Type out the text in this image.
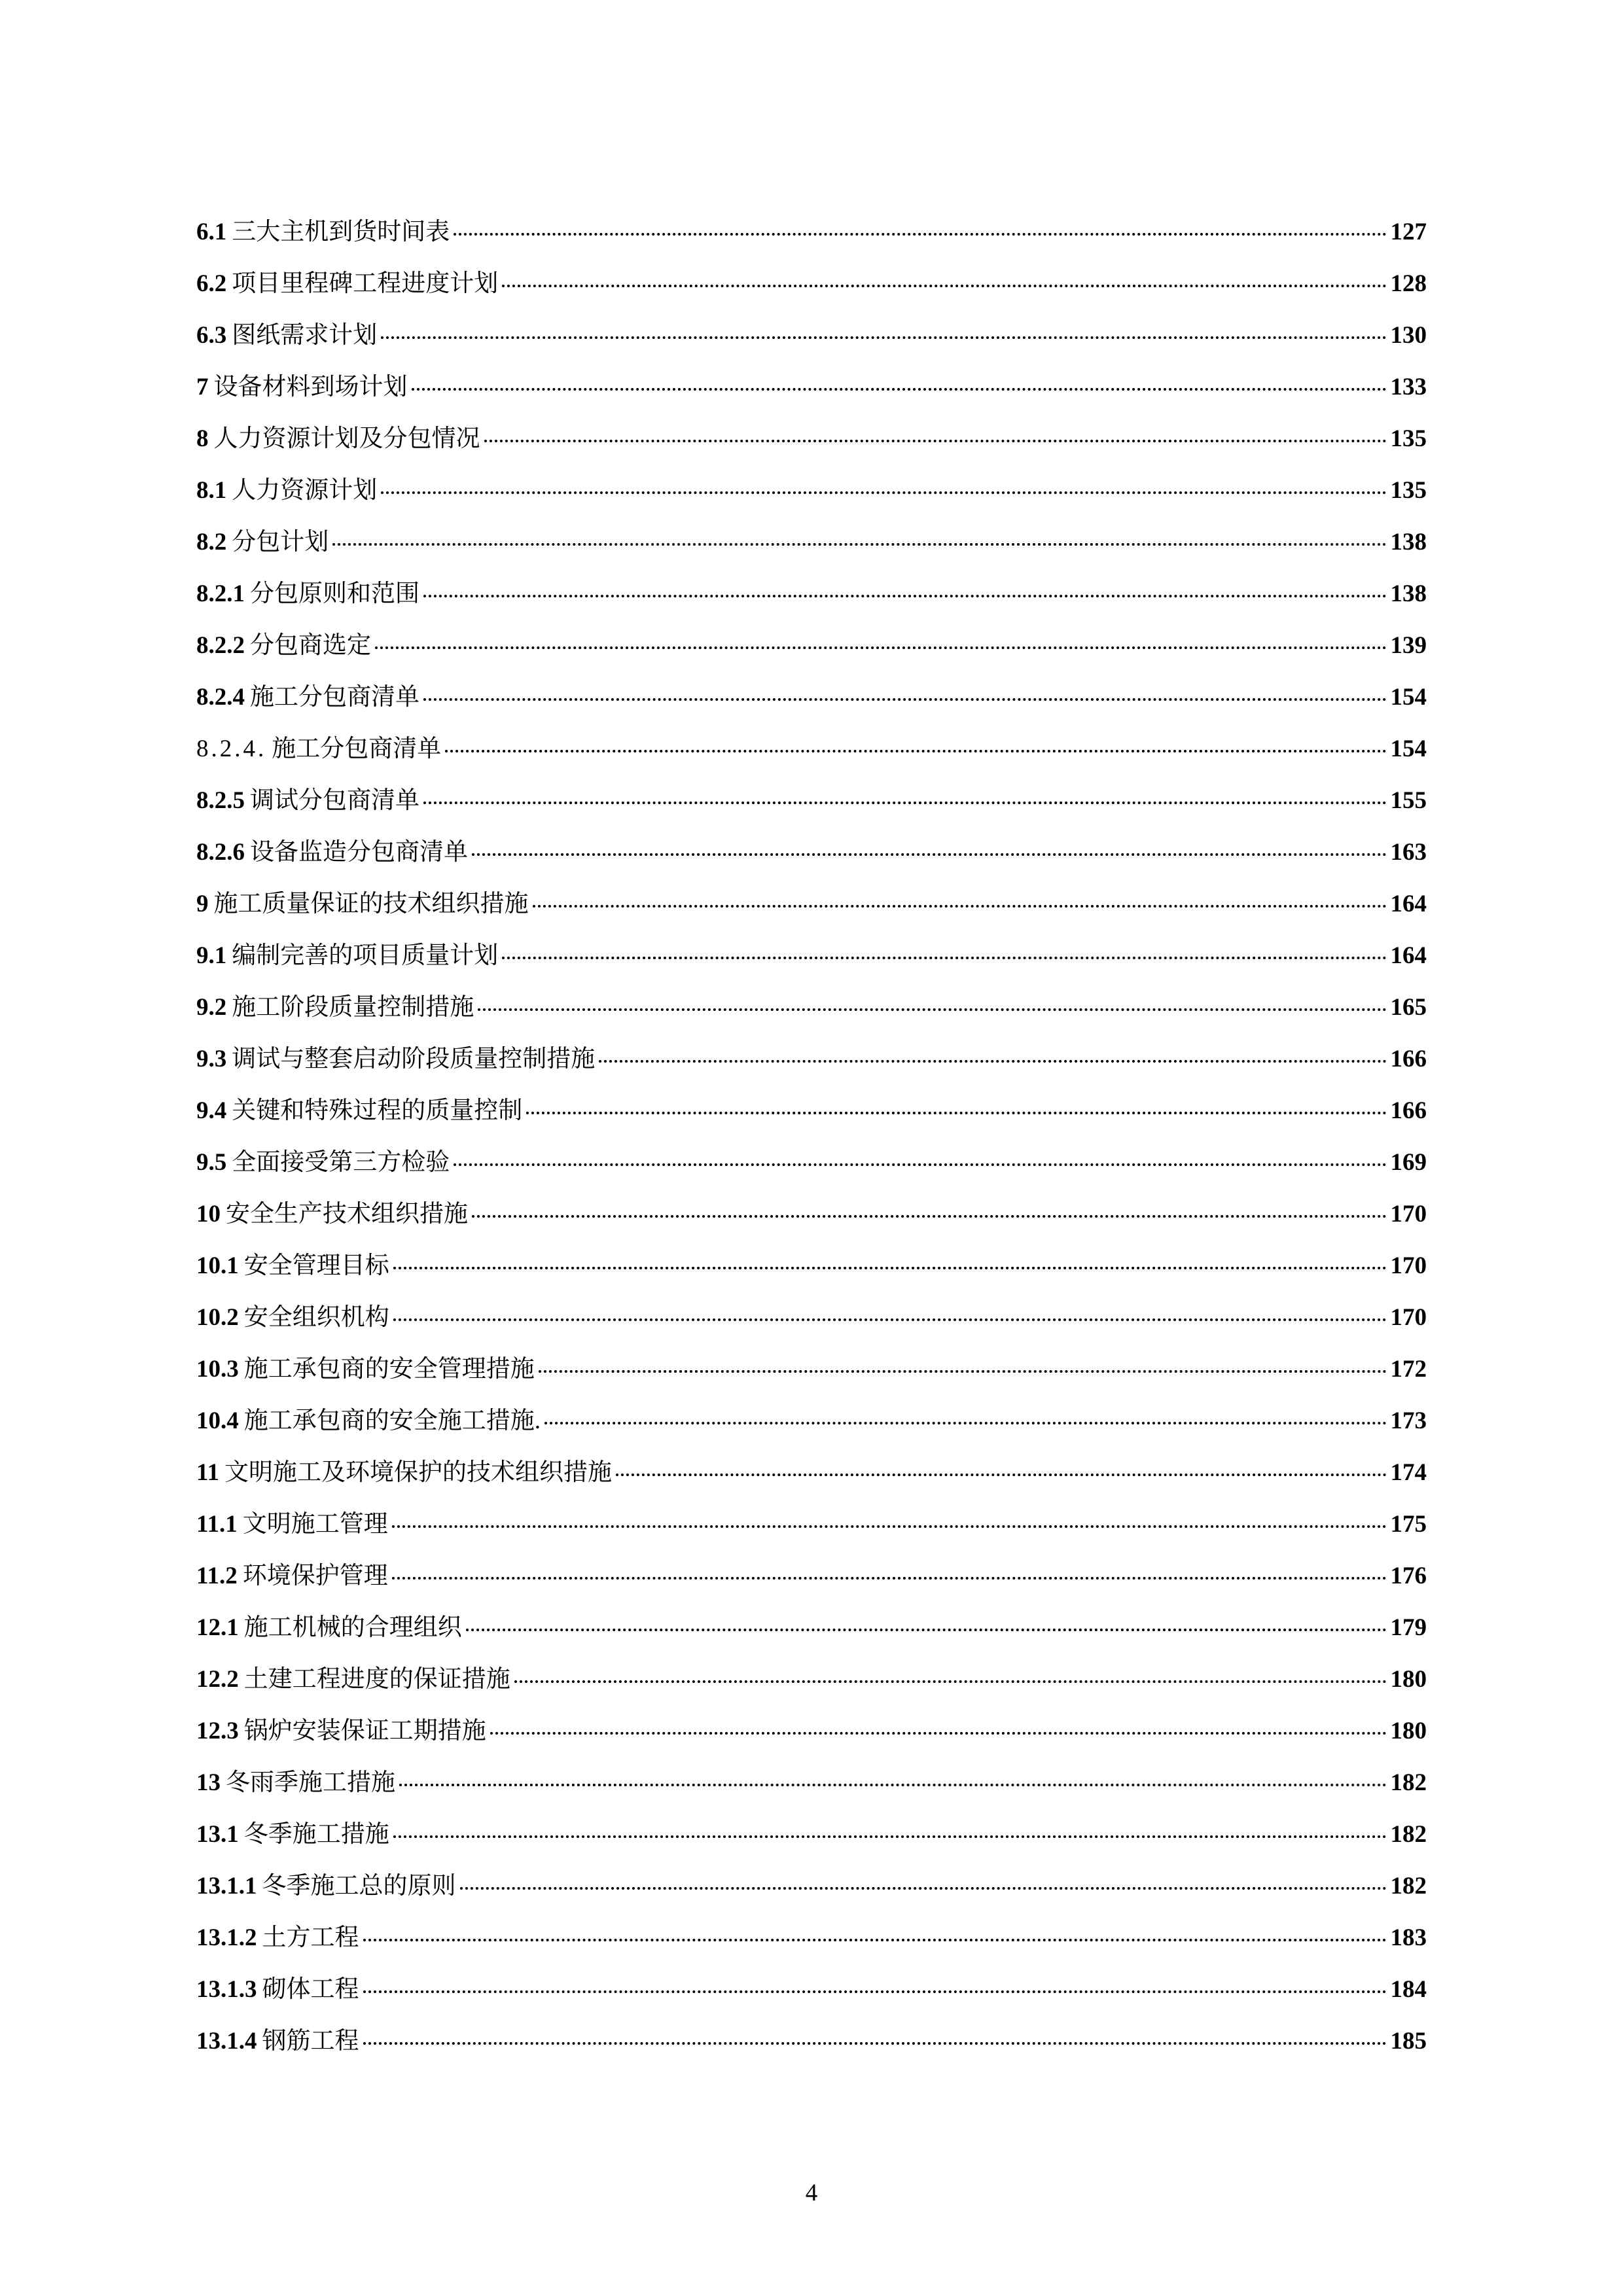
6.1 三大主机到货时间表	127
6.2 项目里程碑工程进度计划	128
6.3 图纸需求计划	130
7 设备材料到场计划	133
8 人力资源计划及分包情况	135
8.1 人力资源计划	135
8.2 分包计划	138
8.2.1 分包原则和范围	138
8.2.2 分包商选定	139
8.2.4 施工分包商清单	154
8.2.4. 施工分包商清单	154
8.2.5 调试分包商清单	155
8.2.6 设备监造分包商清单	163
9 施工质量保证的技术组织措施	164
9.1 编制完善的项目质量计划	164
9.2 施工阶段质量控制措施	165
9.3 调试与整套启动阶段质量控制措施	166
9.4 关键和特殊过程的质量控制	166
9.5 全面接受第三方检验	169
10 安全生产技术组织措施	170
10.1 安全管理目标	170
10.2 安全组织机构	170
10.3 施工承包商的安全管理措施	172
10.4 施工承包商的安全施工措施.	173
11 文明施工及环境保护的技术组织措施	174
11.1 文明施工管理	175
11.2 环境保护管理	176
12.1 施工机械的合理组织	179
12.2 土建工程进度的保证措施	180
12.3 锅炉安装保证工期措施	180
13 冬雨季施工措施	182
13.1 冬季施工措施	182
13.1.1 冬季施工总的原则	182
13.1.2 土方工程	183
13.1.3 砌体工程	184
13.1.4 钢筋工程	185
4
